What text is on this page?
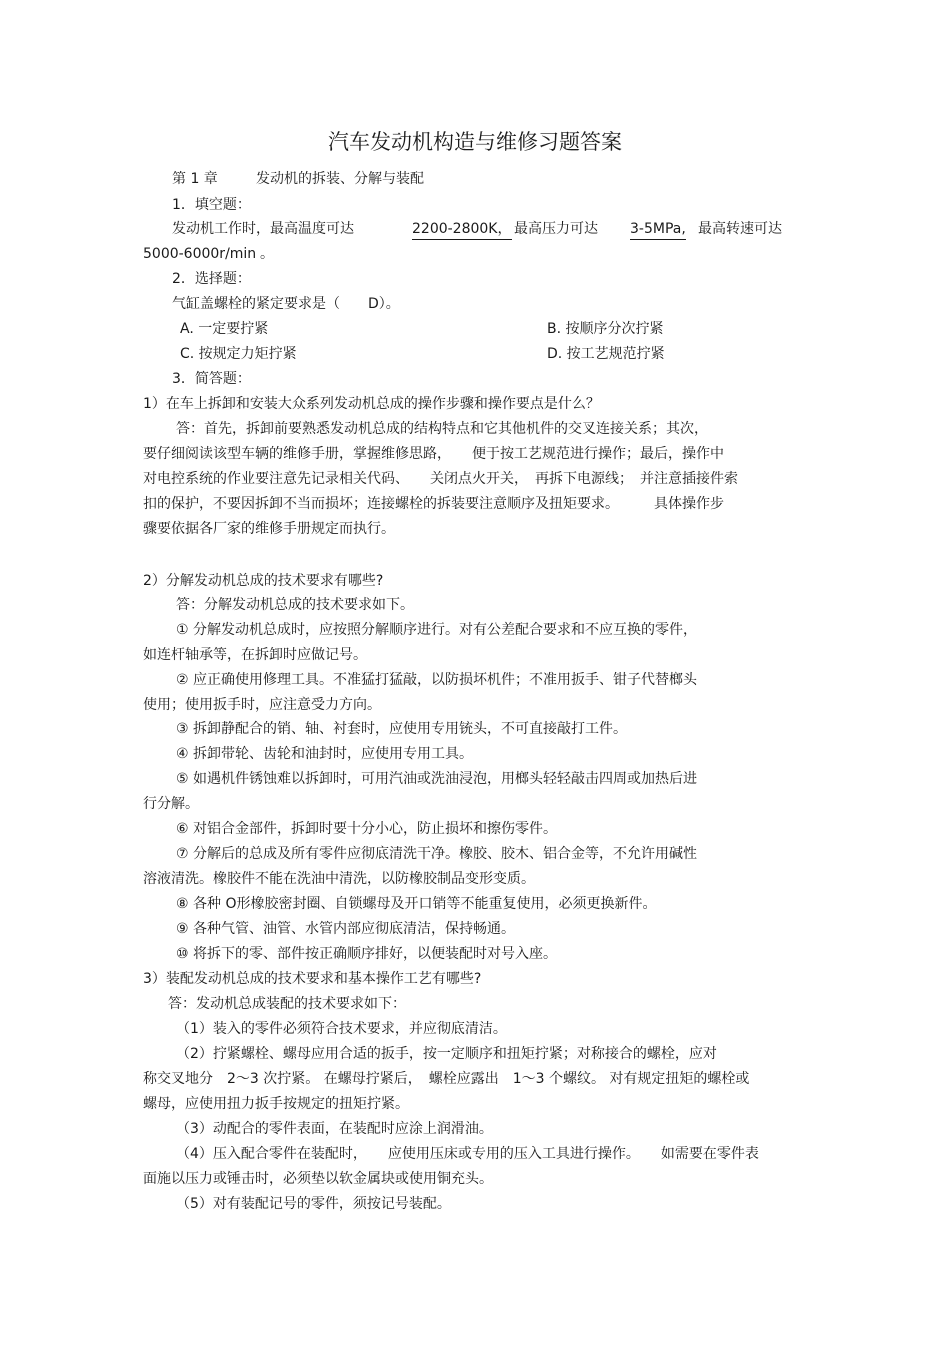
汽车发动机构造与维修习题答案
第 1 章	发动机的拆装、分解与装配
1．填空题：
发动机工作时，最高温度可达	2200-2800K， 最高压力可达 3-5MPa, 最高转速可达
5000-6000r/min 。
2．选择题：
气缸盖螺栓的紧定要求是（　　D）。
A. 一定要拧紧	B. 按顺序分次拧紧
C. 按规定力矩拧紧	D. 按工艺规范拧紧
3．简答题：
1）在车上拆卸和安装大众系列发动机总成的操作步骤和操作要点是什么？
答：首先，拆卸前要熟悉发动机总成的结构特点和它其他机件的交叉连接关系；其次，
要仔细阅读该型车辆的维修手册，掌握维修思路，　　便于按工艺规范进行操作；最后，操作中
对电控系统的作业要注意先记录相关代码、　　关闭点火开关，　再拆下电源线；　并注意插接件索
扣的保护，不要因拆卸不当而损坏；连接螺栓的拆装要注意顺序及扭矩要求。　　　具体操作步
骤要依据各厂家的维修手册规定而执行。
2）分解发动机总成的技术要求有哪些?
答：分解发动机总成的技术要求如下。
① 分解发动机总成时，应按照分解顺序进行。对有公差配合要求和不应互换的零件，
如连杆轴承等，在拆卸时应做记号。
② 应正确使用修理工具。不准猛打猛敲，以防损坏机件；不准用扳手、钳子代替榔头
使用；使用扳手时，应注意受力方向。
③ 拆卸静配合的销、轴、衬套时，应使用专用铳头，不可直接敲打工件。
④ 拆卸带轮、齿轮和油封时，应使用专用工具。
⑤ 如遇机件锈蚀难以拆卸时，可用汽油或洗油浸泡，用榔头轻轻敲击四周或加热后进
行分解。
⑥ 对铝合金部件，拆卸时要十分小心，防止损坏和擦伤零件。
⑦ 分解后的总成及所有零件应彻底清洗干净。橡胶、胶木、铝合金等，不允许用碱性
溶液清洗。橡胶件不能在洗油中清洗，以防橡胶制品变形变质。
⑧ 各种 O形橡胶密封圈、自锁螺母及开口销等不能重复使用，必须更换新件。
⑨ 各种气管、油管、水管内部应彻底清洁，保持畅通。
⑩ 将拆下的零、部件按正确顺序排好，以便装配时对号入座。
3）装配发动机总成的技术要求和基本操作工艺有哪些?
答：发动机总成装配的技术要求如下：
（1）装入的零件必须符合技术要求，并应彻底清洁。
（2）拧紧螺栓、螺母应用合适的扳手，按一定顺序和扭矩拧紧；对称接合的螺栓，应对
称交叉地分　2～3 次拧紧。 在螺母拧紧后，　螺栓应露出　1～3 个螺纹。 对有规定扭矩的螺栓或
螺母，应使用扭力扳手按规定的扭矩拧紧。
（3）动配合的零件表面，在装配时应涂上润滑油。
（4）压入配合零件在装配时，　　应使用压床或专用的压入工具进行操作。　　如需要在零件表
面施以压力或锤击时，必须垫以软金属块或使用铜充头。
（5）对有装配记号的零件，须按记号装配。
